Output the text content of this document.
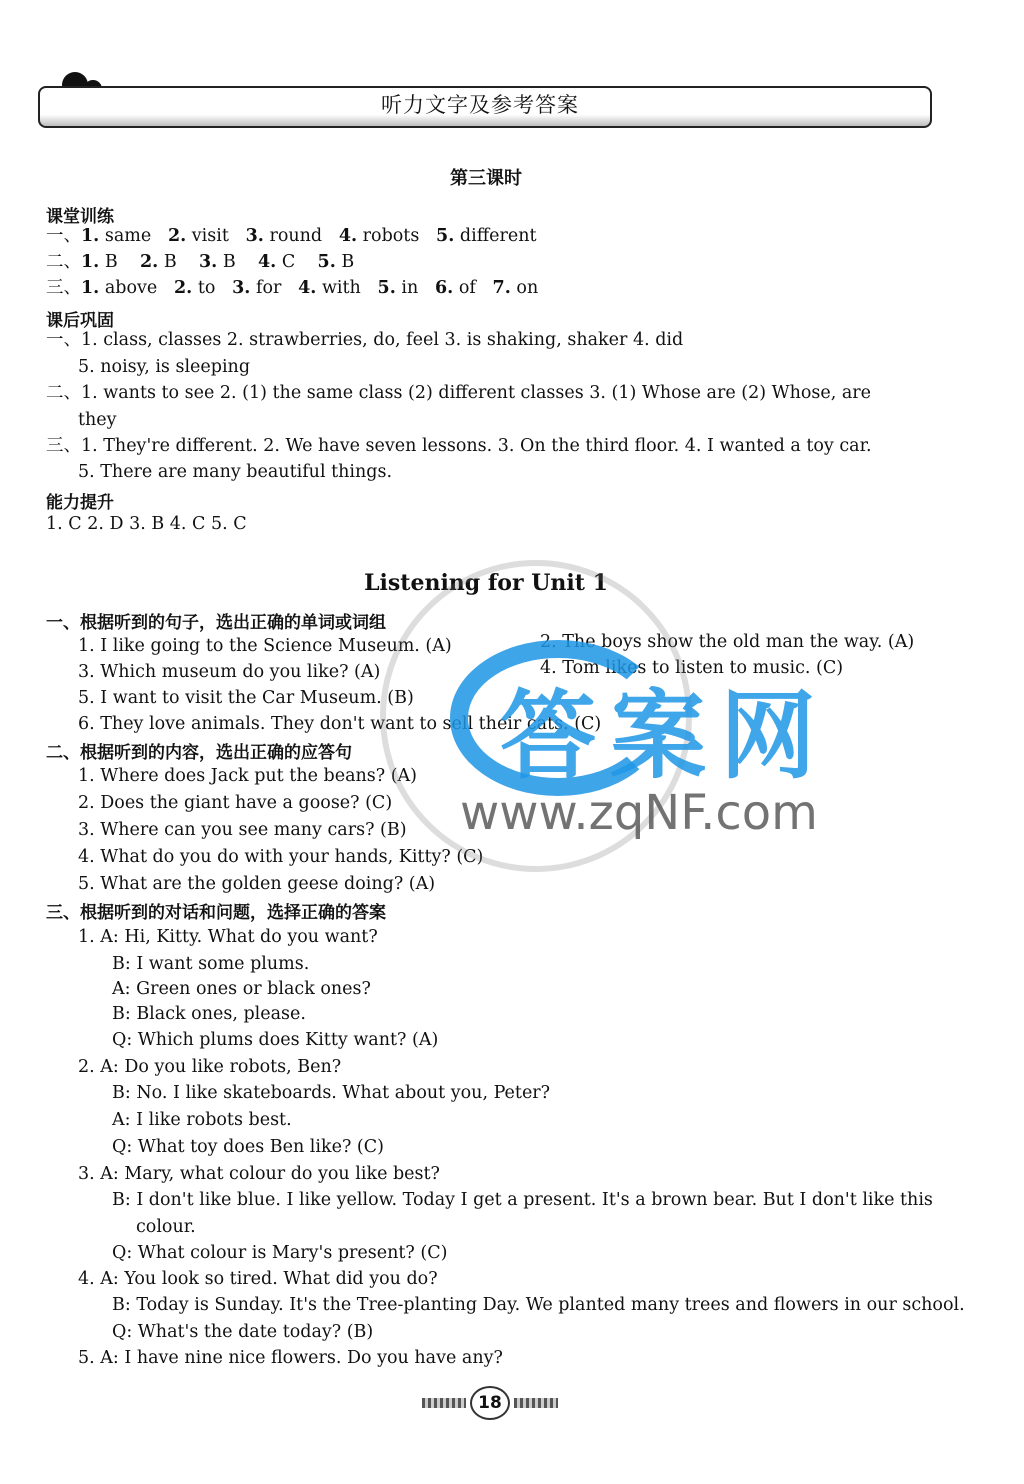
听力文字及参考答案
第三课时
课堂训练
一、1. same 2. visit 3. round 4. robots 5. different
二、1. B 2. B 3. B 4. C 5. B
三、1. above 2. to 3. for 4. with 5. in 6. of 7. on
课后巩固
一、1. class, classes 2. strawberries, do, feel 3. is shaking, shaker 4. did
5. noisy, is sleeping
二、1. wants to see 2. (1) the same class (2) different classes 3. (1) Whose are (2) Whose, are
they
三、1. They're different. 2. We have seven lessons. 3. On the third floor. 4. I wanted a toy car.
5. There are many beautiful things.
能力提升
1. C 2. D 3. B 4. C 5. C
Listening for Unit 1
一、根据听到的句子，选出正确的单词或词组
1. I like going to the Science Museum. (A)	2. The boys show the old man the way. (A)
3. Which museum do you like? (A)	4. Tom likes to listen to music. (C)
5. I want to visit the Car Museum. (B)
6. They love animals. They don't want to sell their cats. (C)
二、根据听到的内容，选出正确的应答句
1. Where does Jack put the beans? (A)
2. Does the giant have a goose? (C)
3. Where can you see many cars? (B)
4. What do you do with your hands, Kitty? (C)
5. What are the golden geese doing? (A)
三、根据听到的对话和问题，选择正确的答案
1. A: Hi, Kitty. What do you want?
B: I want some plums.
A: Green ones or black ones?
B: Black ones, please.
Q: Which plums does Kitty want? (A)
2. A: Do you like robots, Ben?
B: No. I like skateboards. What about you, Peter?
A: I like robots best.
Q: What toy does Ben like? (C)
3. A: Mary, what colour do you like best?
B: I don't like blue. I like yellow. Today I get a present. It's a brown bear. But I don't like this
colour.
Q: What colour is Mary's present? (C)
4. A: You look so tired. What did you do?
B: Today is Sunday. It's the Tree-planting Day. We planted many trees and flowers in our school.
Q: What's the date today? (B)
5. A: I have nine nice flowers. Do you have any?
答案网
www.zqNF.com
18
